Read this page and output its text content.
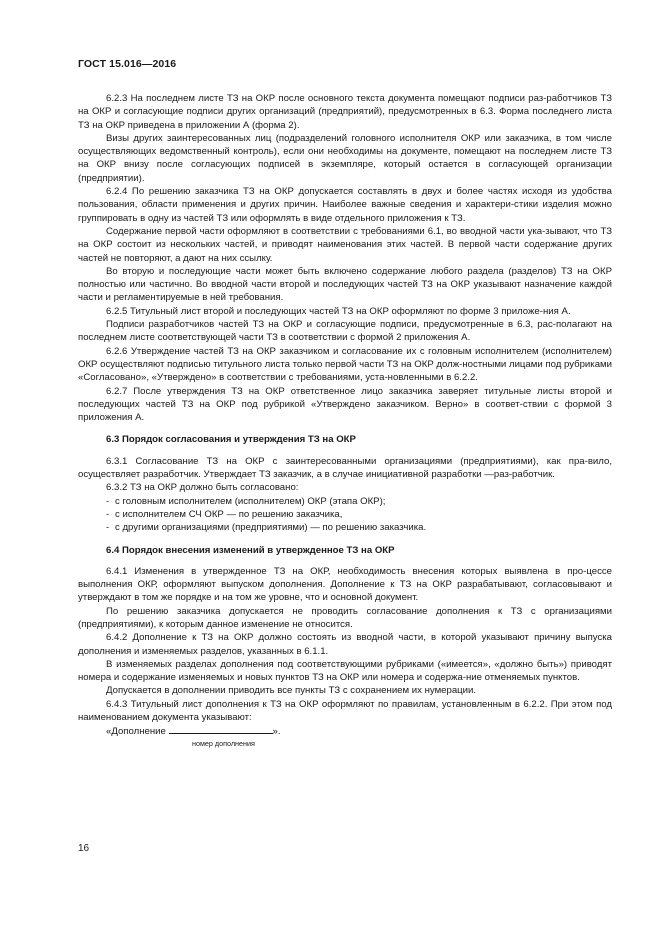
ГОСТ 15.016—2016

6.2.3 На последнем листе ТЗ на ОКР после основного текста документа помещают подписи раз-работчиков ТЗ на ОКР и согласующие подписи других организаций (предприятий), предусмотренных в 6.3. Форма последнего листа ТЗ на ОКР приведена в приложении А (форма 2).

Визы других заинтересованных лиц (подразделений головного исполнителя ОКР или заказчика, в том числе осуществляющих ведомственный контроль), если они необходимы на документе, помещают на последнем листе ТЗ на ОКР внизу после согласующих подписей в экземпляре, который остается в согласующей организации (предприятии).

6.2.4 По решению заказчика ТЗ на ОКР допускается составлять в двух и более частях исходя из удобства пользования, области применения и других причин. Наиболее важные сведения и характери-стики изделия можно группировать в одну из частей ТЗ или оформлять в виде отдельного приложения к ТЗ.

Содержание первой части оформляют в соответствии с требованиями 6.1, во вводной части ука-зывают, что ТЗ на ОКР состоит из нескольких частей, и приводят наименования этих частей. В первой части содержание других частей не повторяют, а дают на них ссылку.

Во вторую и последующие части может быть включено содержание любого раздела (разделов) ТЗ на ОКР полностью или частично. Во вводной части второй и последующих частей ТЗ на ОКР указывают назначение каждой части и регламентируемые в ней требования.

6.2.5 Титульный лист второй и последующих частей ТЗ на ОКР оформляют по форме 3 приложе-ния А.

Подписи разработчиков частей ТЗ на ОКР и согласующие подписи, предусмотренные в 6.3, рас-полагают на последнем листе соответствующей части ТЗ в соответствии с формой 2 приложения А.

6.2.6 Утверждение частей ТЗ на ОКР заказчиком и согласование их с головным исполнителем (исполнителем) ОКР осуществляют подписью титульного листа только первой части ТЗ на ОКР долж-ностными лицами под рубриками «Согласовано», «Утверждено» в соответствии с требованиями, уста-новленными в 6.2.2.

6.2.7 После утверждения ТЗ на ОКР ответственное лицо заказчика заверяет титульные листы второй и последующих частей ТЗ на ОКР под рубрикой «Утверждено заказчиком. Верно» в соответ-ствии с формой 3 приложения А.

6.3 Порядок согласования и утверждения ТЗ на ОКР

6.3.1 Согласование ТЗ на ОКР с заинтересованными организациями (предприятиями), как пра-вило, осуществляет разработчик. Утверждает ТЗ заказчик, а в случае инициативной разработки —раз-работчик.

6.3.2 ТЗ на ОКР должно быть согласовано:

- с головным исполнителем (исполнителем) ОКР (этапа ОКР);
- с исполнителем СЧ ОКР — по решению заказчика,
- с другими организациями (предприятиями) — по решению заказчика.

6.4 Порядок внесения изменений в утвержденное ТЗ на ОКР

6.4.1 Изменения в утвержденное ТЗ на ОКР, необходимость внесения которых выявлена в про-цессе выполнения ОКР, оформляют выпуском дополнения. Дополнение к ТЗ на ОКР разрабатывают, согласовывают и утверждают в том же порядке и на том же уровне, что и основной документ.

По решению заказчика допускается не проводить согласование дополнения к ТЗ с организациями (предприятиями), к которым данное изменение не относится.

6.4.2 Дополнение к ТЗ на ОКР должно состоять из вводной части, в которой указывают причину выпуска дополнения и изменяемых разделов, указанных в 6.1.1.

В изменяемых разделах дополнения под соответствующими рубриками («имеется», «должно быть») приводят номера и содержание изменяемых и новых пунктов ТЗ на ОКР или номера и содержа-ние отменяемых пунктов.

Допускается в дополнении приводить все пункты ТЗ с сохранением их нумерации.

6.4.3 Титульный лист дополнения к ТЗ на ОКР оформляют по правилам, установленным в 6.2.2. При этом под наименованием документа указывают:

«Дополнение	».

номер дополнения

16
